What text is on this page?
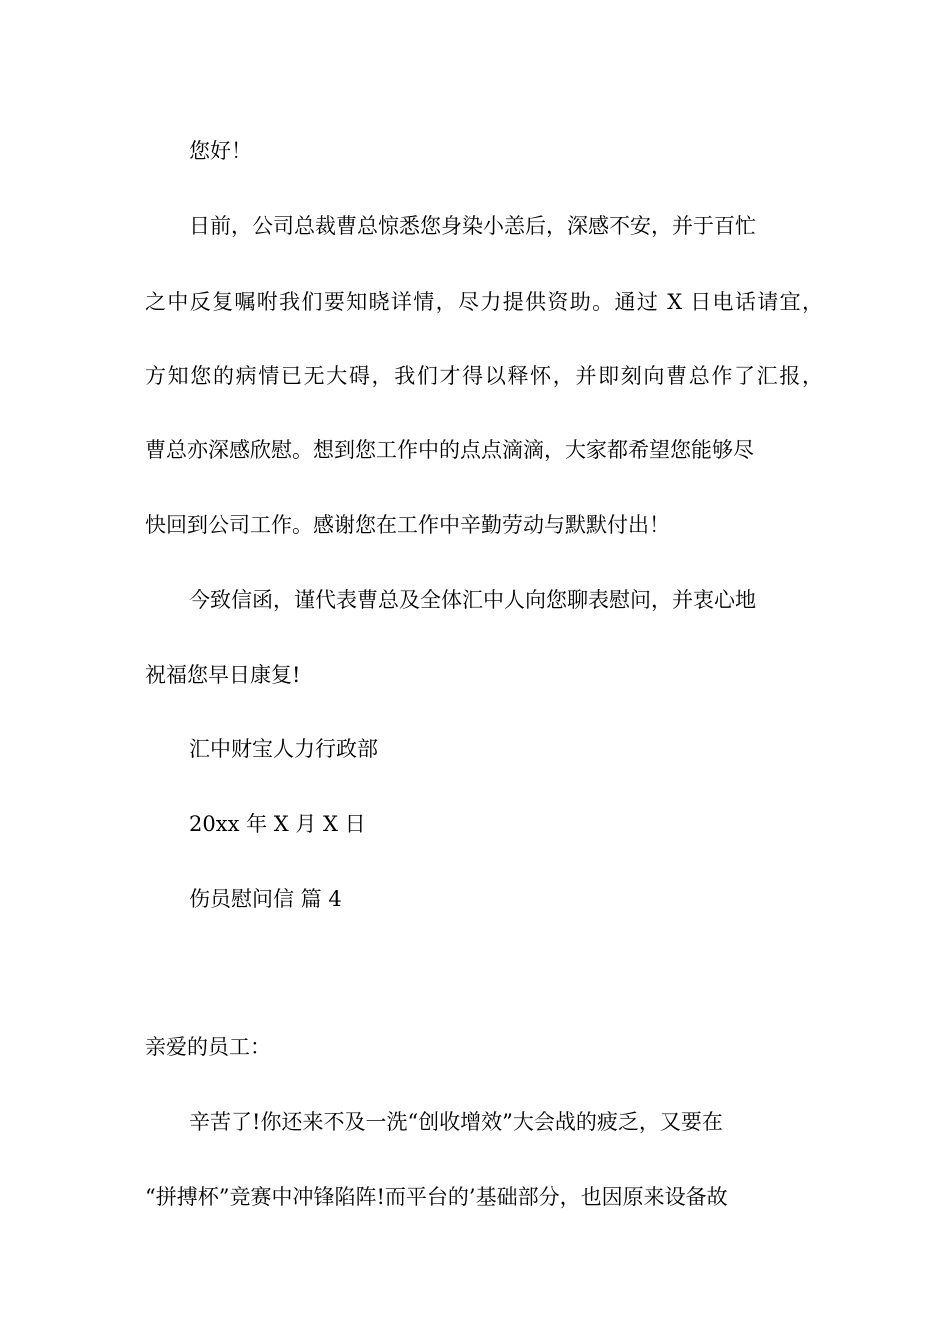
您好！
日前，公司总裁曹总惊悉您身染小恙后，深感不安，并于百忙
之中反复嘱咐我们要知晓详情，尽力提供资助。通过 X 日电话请宜，
方知您的病情已无大碍，我们才得以释怀，并即刻向曹总作了汇报，
曹总亦深感欣慰。想到您工作中的点点滴滴，大家都希望您能够尽
快回到公司工作。感谢您在工作中辛勤劳动与默默付出！
今致信函，谨代表曹总及全体汇中人向您聊表慰问，并衷心地
祝福您早日康复!
汇中财宝人力行政部
20xx 年 X 月 X 日
伤员慰问信 篇 4
亲爱的员工：
辛苦了!你还来不及一洗“创收增效”大会战的疲乏，又要在
“拼搏杯”竞赛中冲锋陷阵!而平台的’基础部分，也因原来设备故
